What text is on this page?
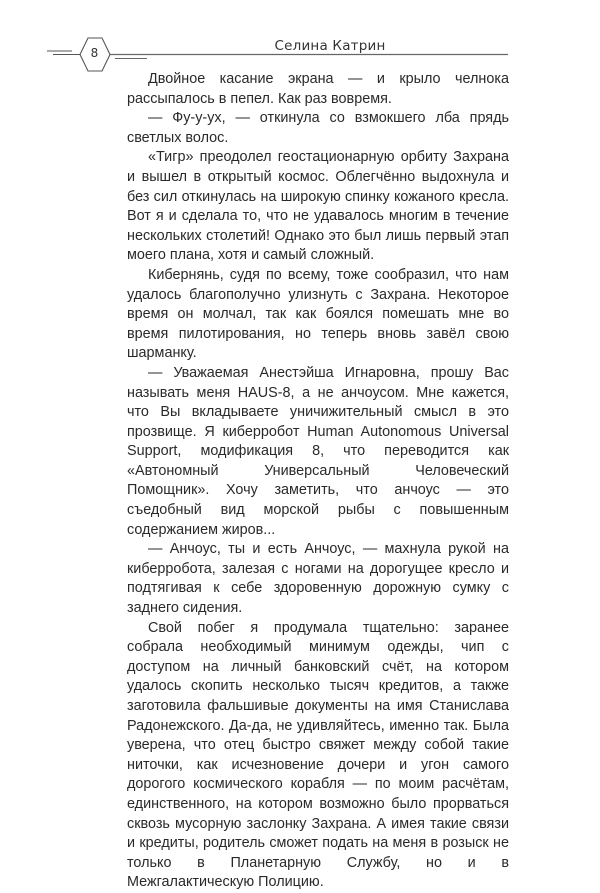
8	Селина Катрин

Двойное касание экрана — и крыло челнока рассыпалось в пепел. Как раз вовремя.

— Фу-у-ух, — откинула со взмокшего лба прядь светлых волос.

«Тигр» преодолел геостационарную орбиту Захрана и вышел в открытый космос. Облегчённо выдохнула и без сил откинулась на широкую спинку кожаного кресла. Вот я и сделала то, что не удавалось многим в течение нескольких столетий! Однако это был лишь первый этап моего плана, хотя и самый сложный.

Кибернянь, судя по всему, тоже сообразил, что нам удалось благополучно улизнуть с Захрана. Некоторое время он молчал, так как боялся помешать мне во время пилотирования, но теперь вновь завёл свою шарманку.

— Уважаемая Анестэйша Игнаровна, прошу Вас называть меня HAUS-8, а не анчоусом. Мне кажется, что Вы вкладываете уничижительный смысл в это прозвище. Я киберробот Human Autonomous Universal Support, модификация 8, что переводится как «Автономный Универсальный Человеческий Помощник». Хочу заметить, что анчоус — это съедобный вид морской рыбы с повышенным содержанием жиров...

— Анчоус, ты и есть Анчоус, — махнула рукой на киберробота, залезая с ногами на дорогущее кресло и подтягивая к себе здоровенную дорожную сумку с заднего сидения.

Свой побег я продумала тщательно: заранее собрала необходимый минимум одежды, чип с доступом на личный банковский счёт, на котором удалось скопить несколько тысяч кредитов, а также заготовила фальшивые документы на имя Станислава Радонежского. Да-да, не удивляйтесь, именно так. Была уверена, что отец быстро свяжет между собой такие ниточки, как исчезновение дочери и угон самого дорогого космического корабля — по моим расчётам, единственного, на котором возможно было прорваться сквозь мусорную заслонку Захрана. А имея такие связи и кредиты, родитель сможет подать на меня в розыск не только в Планетарную Службу, но и в Межгалактическую Полицию.
